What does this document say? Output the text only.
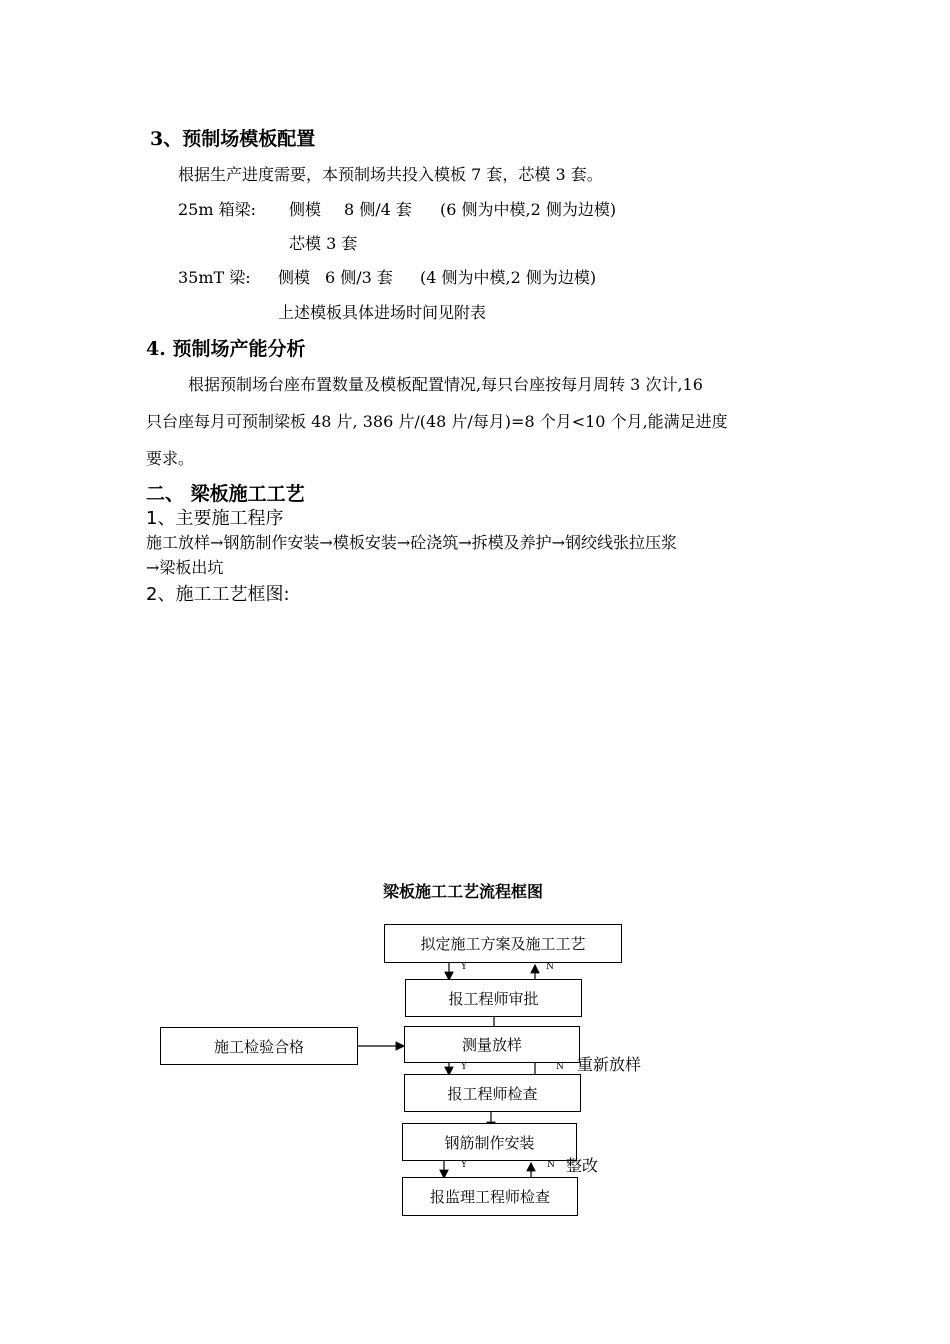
3、预制场模板配置
根据生产进度需要，本预制场共投入模板 7 套，芯模 3 套。
25m 箱梁: 侧模 8 侧/4 套 (6 侧为中模,2 侧为边模)
芯模 3 套
35mT 梁: 侧模 6 侧/3 套 (4 侧为中模,2 侧为边模)
上述模板具体进场时间见附表
4. 预制场产能分析
根据预制场台座布置数量及模板配置情况,每只台座按每月周转 3 次计,16
只台座每月可预制梁板 48 片, 386 片/(48 片/每月)=8 个月<10 个月,能满足进度
要求。
二、 梁板施工工艺
1、主要施工程序
施工放样→钢筋制作安装→模板安装→砼浇筑→拆模及养护→钢绞线张拉压浆
→梁板出坑
2、施工工艺框图:
梁板施工工艺流程框图
拟定施工方案及施工工艺
报工程师审批
测量放样
施工检验合格
报工程师检查
钢筋制作安装
报监理工程师检查
Y	N
Y	N 重新放样
Y	N 整改
